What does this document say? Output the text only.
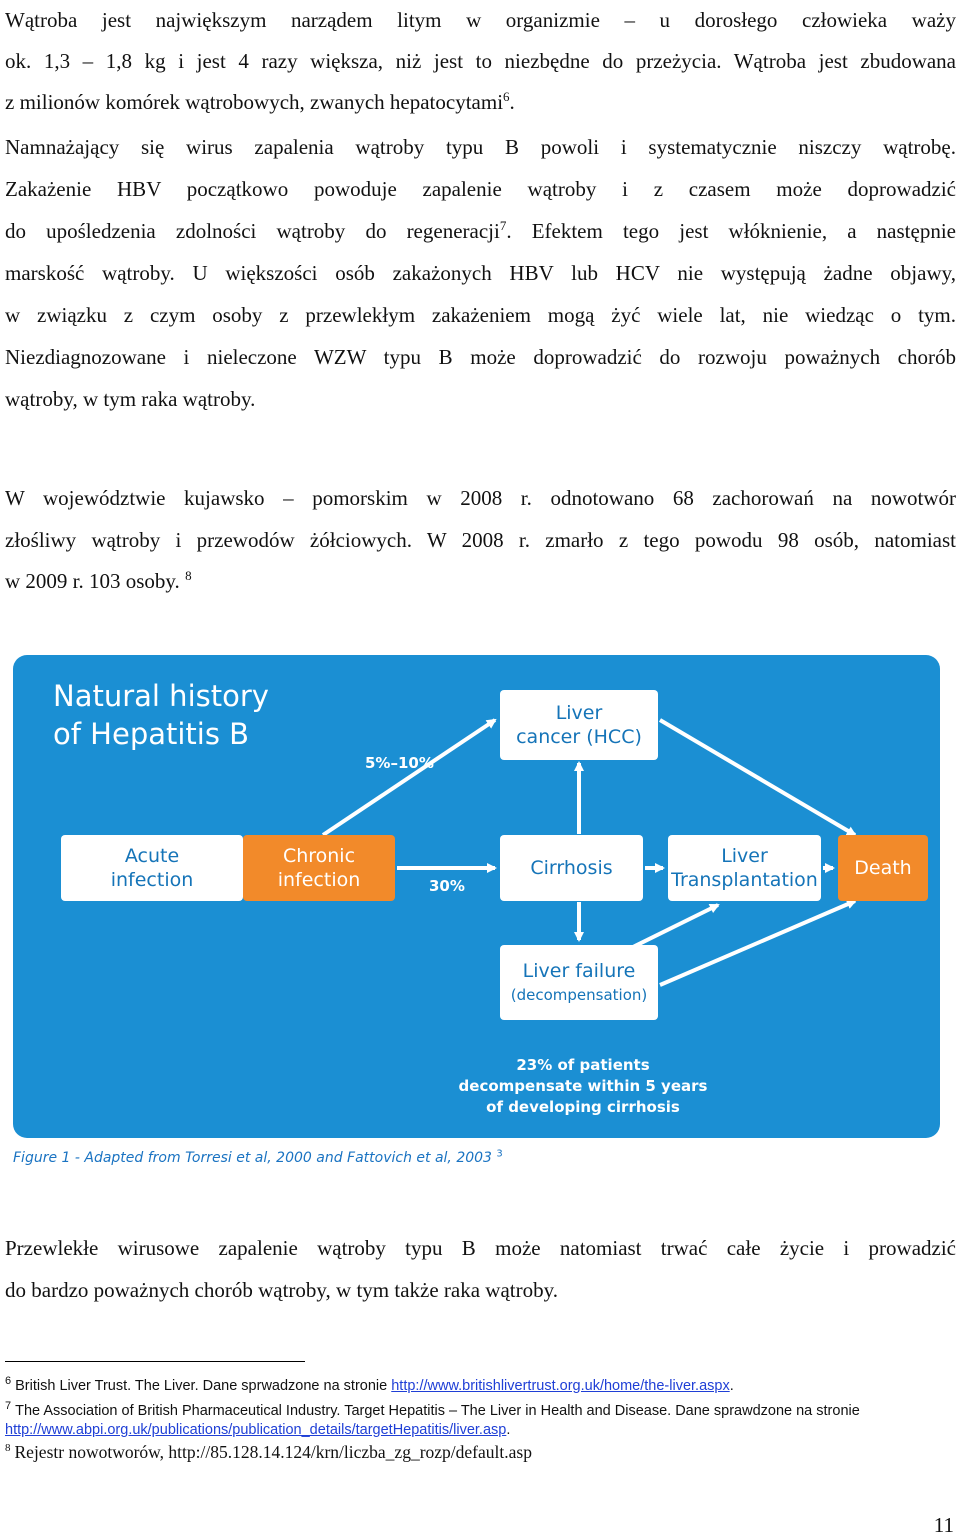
Wątroba jest największym narządem litym w organizmie – u dorosłego człowieka waży
ok. 1,3 – 1,8 kg i jest 4 razy większa, niż jest to niezbędne do przeżycia. Wątroba jest zbudowana
z milionów komórek wątrobowych, zwanych hepatocytami$^6$.
Namnażający się wirus zapalenia wątroby typu B powoli i systematycznie niszczy wątrobę.
Zakażenie HBV początkowo powoduje zapalenie wątroby i z czasem może doprowadzić
do upośledzenia zdolności wątroby do regeneracji$^7$. Efektem tego jest włóknienie, a następnie
marskość wątroby. U większości osób zakażonych HBV lub HCV nie występują żadne objawy,
w związku z czym osoby z przewlekłym zakażeniem mogą żyć wiele lat, nie wiedząc o tym.
Niezdiagnozowane i nieleczone WZW typu B może doprowadzić do rozwoju poważnych chorób
wątroby, w tym raka wątroby.
W województwie kujawsko – pomorskim w 2008 r. odnotowano 68 zachorowań na nowotwór
złośliwy wątroby i przewodów żółciowych. W 2008 r. zmarło z tego powodu 98 osób, natomiast
w 2009 r. 103 osoby. $^8$
Natural history
of Hepatitis B
Acute
infection
Chronic
infection
Cirrhosis
Liver
cancer (HCC)
Liver
Transplantation
Death
Liver failure
(decompensation)
5%–10%
30%
23% of patients
decompensate within 5 years
of developing cirrhosis
Figure 1 - Adapted from Torresi et al, 2000 and Fattovich et al, 2003 $^3$
Przewlekłe wirusowe zapalenie wątroby typu B może natomiast trwać całe życie i prowadzić
do bardzo poważnych chorób wątroby, w tym także raka wątroby.
$^6$ British Liver Trust. The Liver. Dane sprwadzone na stronie http://www.britishlivertrust.org.uk/home/the-liver.aspx.
$^7$ The Association of British Pharmaceutical Industry. Target Hepatitis – The Liver in Health and Disease. Dane sprawdzone na stronie
http://www.abpi.org.uk/publications/publication_details/targetHepatitis/liver.asp.
$^8$ Rejestr nowotworów, http://85.128.14.124/krn/liczba_zg_rozp/default.asp
11
